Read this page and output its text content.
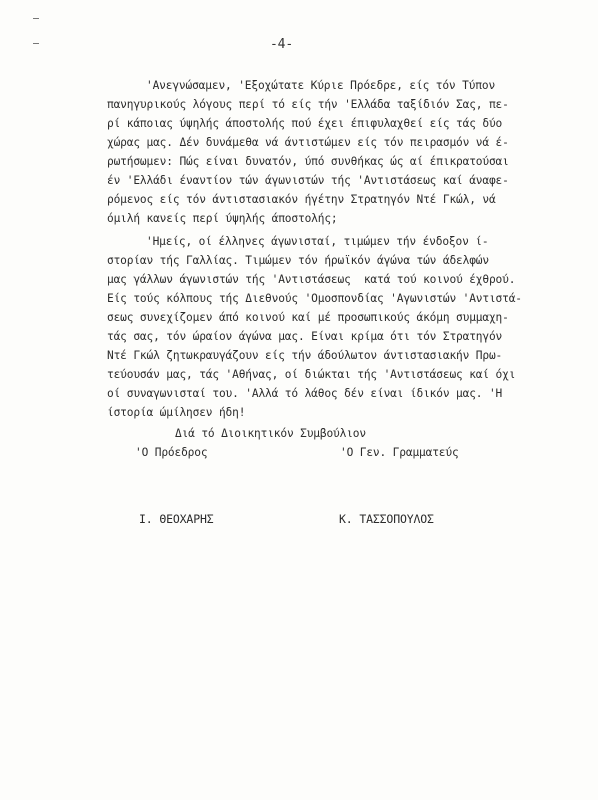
-4-
'Ανεγνώσαμεν, 'Εξοχώτατε Κύριε Πρόεδρε, είς τόν Τύπον
πανηγυρικούς λόγους περί τό είς τήν 'Ελλάδα ταξίδιόν Σας, πε-
ρί κάποιας ύψηλής άποστολής πού έχει έπιφυλαχθεί είς τάς δύο
χώρας μας. Δέν δυνάμεθα νά άντιστώμεν είς τόν πειρασμόν νά έ-
ρωτήσωμεν: Πώς είναι δυνατόν, ύπό συνθήκας ώς αί έπικρατούσαι
έν 'Ελλάδι έναντίον τών άγωνιστών τής 'Αντιστάσεως καί άναφε-
ρόμενος είς τόν άντιστασιακόν ήγέτην Στρατηγόν Ντέ Γκώλ, νά
όμιλή κανείς περί ύψηλής άποστολής;
'Ημείς, οί έλληνες άγωνισταί, τιμώμεν τήν ένδοξον ί-
στορίαν τής Γαλλίας. Τιμώμεν τόν ήρωϊκόν άγώνα τών άδελφών
μας γάλλων άγωνιστών τής 'Αντιστάσεως  κατά τού κοινού έχθρού.
Είς τούς κόλπους τής Διεθνούς 'Ομοσπονδίας 'Αγωνιστών 'Αντιστά-
σεως συνεχίζομεν άπό κοινού καί μέ προσωπικούς άκόμη συμμαχη-
τάς σας, τόν ώραίον άγώνα μας. Είναι κρίμα ότι τόν Στρατηγόν
Ντέ Γκώλ ζητωκραυγάζουν είς τήν άδούλωτον άντιστασιακήν Πρω-
τεύουσάν μας, τάς 'Αθήνας, οί διώκται τής 'Αντιστάσεως καί όχι
οί συναγωνισταί του. 'Αλλά τό λάθος δέν είναι ίδικόν μας. 'Η
ίστορία ώμίλησεν ήδη!
Διά τό Διοικητικόν Συμβούλιον
'Ο Πρόεδρος	'Ο Γεν. Γραμματεύς
Ι. ΘΕΟΧΑΡΗΣ	Κ. ΤΑΣΣΟΠΟΥΛΟΣ
